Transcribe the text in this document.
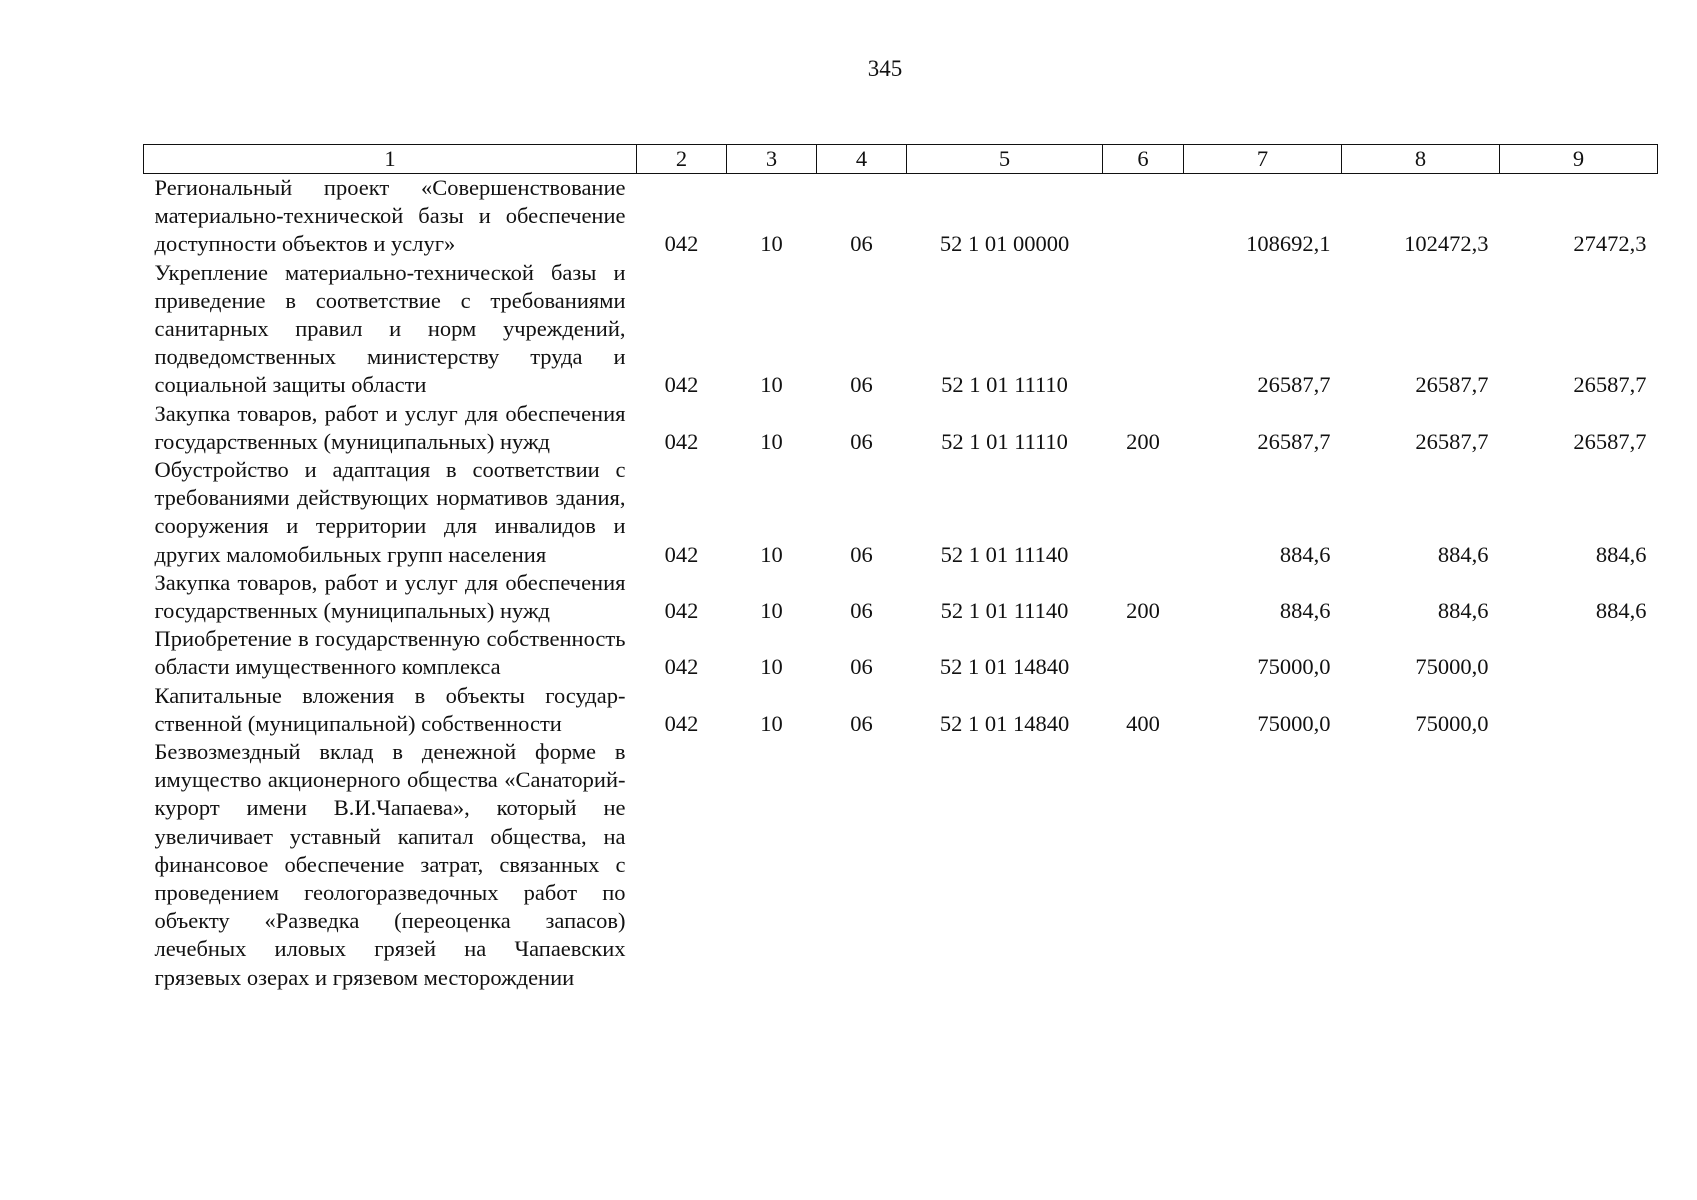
345
1	2	3	4	5	6	7	8	9
Региональный проект «Совершенствование материально-технической базы и обеспечение доступности объектов и услуг»	042	10	06	52 1 01 00000		108692,1	102472,3	27472,3
Укрепление материально-технической базы и приведение в соответствие с требованиями санитарных правил и норм учреждений, подведомственных министерству труда и социальной защиты области	042	10	06	52 1 01 11110		26587,7	26587,7	26587,7
Закупка товаров, работ и услуг для обеспечения государственных (муниципальных) нужд	042	10	06	52 1 01 11110	200	26587,7	26587,7	26587,7
Обустройство и адаптация в соответствии с требованиями действующих нормативов здания, сооружения и территории для инвалидов и других маломобильных групп населения	042	10	06	52 1 01 11140		884,6	884,6	884,6
Закупка товаров, работ и услуг для обеспечения государственных (муниципальных) нужд	042	10	06	52 1 01 11140	200	884,6	884,6	884,6
Приобретение в государственную собственность области имущественного комплекса	042	10	06	52 1 01 14840		75000,0	75000,0	
Капитальные вложения в объекты государственной (муниципальной) собственности	042	10	06	52 1 01 14840	400	75000,0	75000,0	
Безвозмездный вклад в денежной форме в имущество акционерного общества «Санаторий-курорт имени В.И.Чапаева», который не увеличивает уставный капитал общества, на финансовое обеспечение затрат, связанных с проведением геологоразведочных работ по объекту «Разведка (переоценка запасов) лечебных иловых грязей на Чапаевских грязевых озерах и грязевом месторождении								
